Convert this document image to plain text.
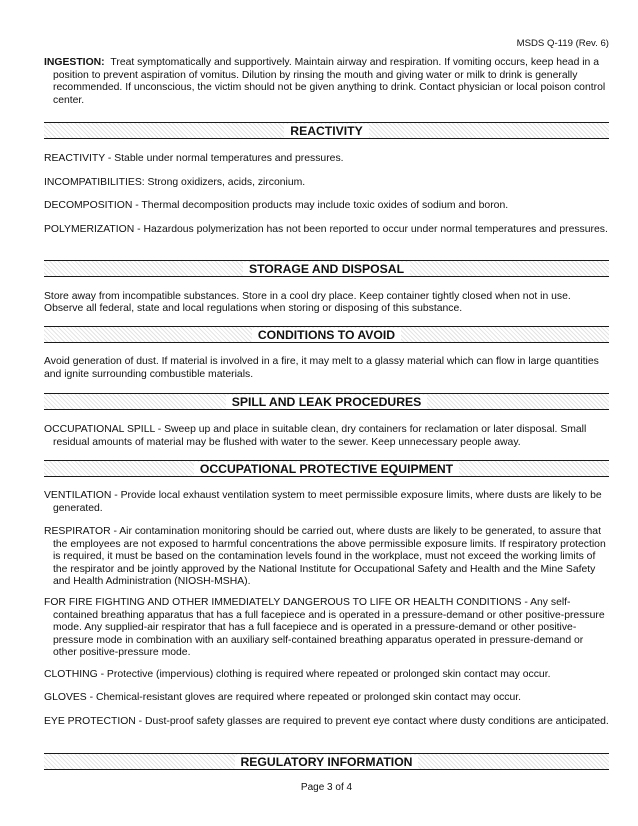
MSDS Q-119 (Rev. 6)
INGESTION: Treat symptomatically and supportively. Maintain airway and respiration. If vomiting occurs, keep head in a position to prevent aspiration of vomitus. Dilution by rinsing the mouth and giving water or milk to drink is generally recommended. If unconscious, the victim should not be given anything to drink. Contact physician or local poison control center.
REACTIVITY
REACTIVITY - Stable under normal temperatures and pressures.
INCOMPATIBILITIES: Strong oxidizers, acids, zirconium.
DECOMPOSITION - Thermal decomposition products may include toxic oxides of sodium and boron.
POLYMERIZATION - Hazardous polymerization has not been reported to occur under normal temperatures and pressures.
STORAGE AND DISPOSAL
Store away from incompatible substances. Store in a cool dry place. Keep container tightly closed when not in use.
Observe all federal, state and local regulations when storing or disposing of this substance.
CONDITIONS TO AVOID
Avoid generation of dust. If material is involved in a fire, it may melt to a glassy material which can flow in large quantities and ignite surrounding combustible materials.
SPILL AND LEAK PROCEDURES
OCCUPATIONAL SPILL - Sweep up and place in suitable clean, dry containers for reclamation or later disposal. Small residual amounts of material may be flushed with water to the sewer. Keep unnecessary people away.
OCCUPATIONAL PROTECTIVE EQUIPMENT
VENTILATION - Provide local exhaust ventilation system to meet permissible exposure limits, where dusts are likely to be generated.
RESPIRATOR - Air contamination monitoring should be carried out, where dusts are likely to be generated, to assure that the employees are not exposed to harmful concentrations the above permissible exposure limits. If respiratory protection is required, it must be based on the contamination levels found in the workplace, must not exceed the working limits of the respirator and be jointly approved by the National Institute for Occupational Safety and Health and the Mine Safety and Health Administration (NIOSH-MSHA).
FOR FIRE FIGHTING AND OTHER IMMEDIATELY DANGEROUS TO LIFE OR HEALTH CONDITIONS - Any self-contained breathing apparatus that has a full facepiece and is operated in a pressure-demand or other positive-pressure mode. Any supplied-air respirator that has a full facepiece and is operated in a pressure-demand or other positive-pressure mode in combination with an auxiliary self-contained breathing apparatus operated in pressure-demand or other positive-pressure mode.
CLOTHING - Protective (impervious) clothing is required where repeated or prolonged skin contact may occur.
GLOVES - Chemical-resistant gloves are required where repeated or prolonged skin contact may occur.
EYE PROTECTION - Dust-proof safety glasses are required to prevent eye contact where dusty conditions are anticipated.
REGULATORY INFORMATION
Page 3 of 4
